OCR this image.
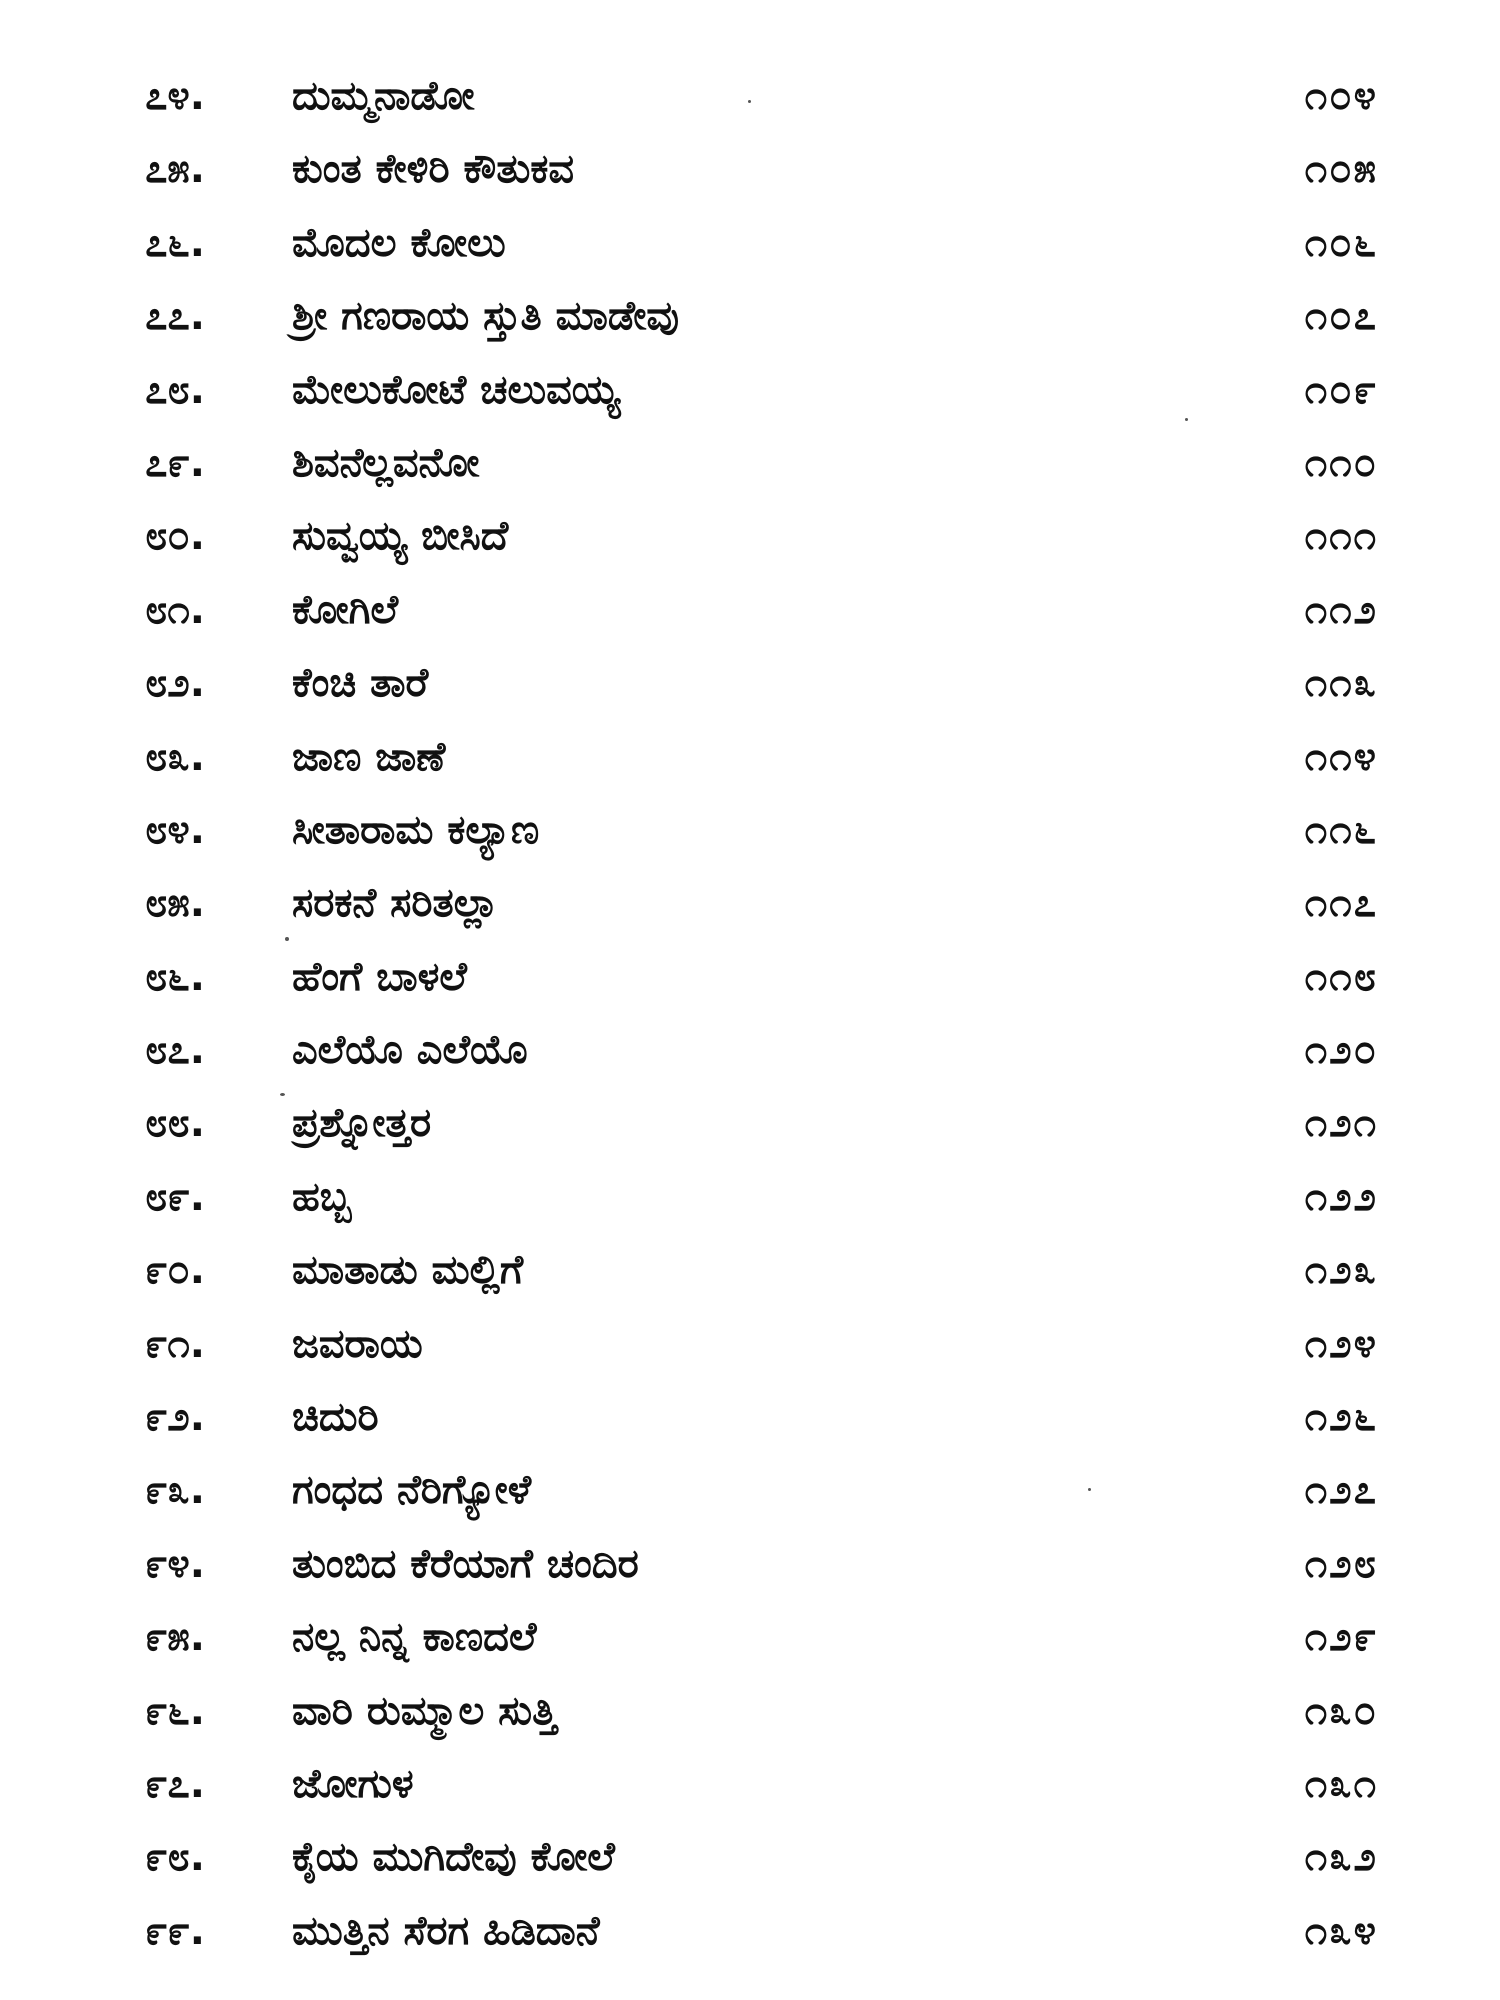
೭೪.	ದುಮ್ಮನಾಡೋ	೧೦೪
೭೫.	ಕುಂತ ಕೇಳಿರಿ ಕೌತುಕವ	೧೦೫
೭೬.	ಮೊದಲ ಕೋಲು	೧೦೬
೭೭.	ಶ್ರೀ ಗಣರಾಯ ಸ್ತುತಿ ಮಾಡೇವು	೧೦೭
೭೮.	ಮೇಲುಕೋಟೆ ಚಲುವಯ್ಯ	೧೦೯
೭೯.	ಶಿವನೆಲ್ಲವನೋ	೧೧೦
೮೦.	ಸುವ್ವಯ್ಯ ಬೀಸಿದೆ	೧೧೧
೮೧.	ಕೋಗಿಲೆ	೧೧೨
೮೨.	ಕೆಂಚಿ ತಾರೆ	೧೧೩
೮೩.	ಜಾಣ ಜಾಣೆ	೧೧೪
೮೪.	ಸೀತಾರಾಮ ಕಲ್ಯಾಣ	೧೧೬
೮೫.	ಸರಕನೆ ಸರಿತಲ್ಲಾ	೧೧೭
೮೬.	ಹೆಂಗೆ ಬಾಳಲೆ	೧೧೮
೮೭.	ಎಲೆಯೊ ಎಲೆಯೊ	೧೨೦
೮೮.	ಪ್ರಶ್ನೋತ್ತರ	೧೨೧
೮೯.	ಹಬ್ಬ	೧೨೨
೯೦.	ಮಾತಾಡು ಮಲ್ಲಿಗೆ	೧೨೩
೯೧.	ಜವರಾಯ	೧೨೪
೯೨.	ಚಿದುರಿ	೧೨೬
೯೩.	ಗಂಧದ ನೆರಿಗ್ಯೋಳೆ	೧೨೭
೯೪.	ತುಂಬಿದ ಕೆರೆಯಾಗೆ ಚಂದಿರ	೧೨೮
೯೫.	ನಲ್ಲ ನಿನ್ನ ಕಾಣದಲೆ	೧೨೯
೯೬.	ವಾರಿ ರುಮ್ಮಾಲ ಸುತ್ತಿ	೧೩೦
೯೭.	ಜೋಗುಳ	೧೩೧
೯೮.	ಕೈಯ ಮುಗಿದೇವು ಕೋಲೆ	೧೩೨
೯೯.	ಮುತ್ತಿನ ಸೆರಗ ಹಿಡಿದಾನೆ	೧೩೪
